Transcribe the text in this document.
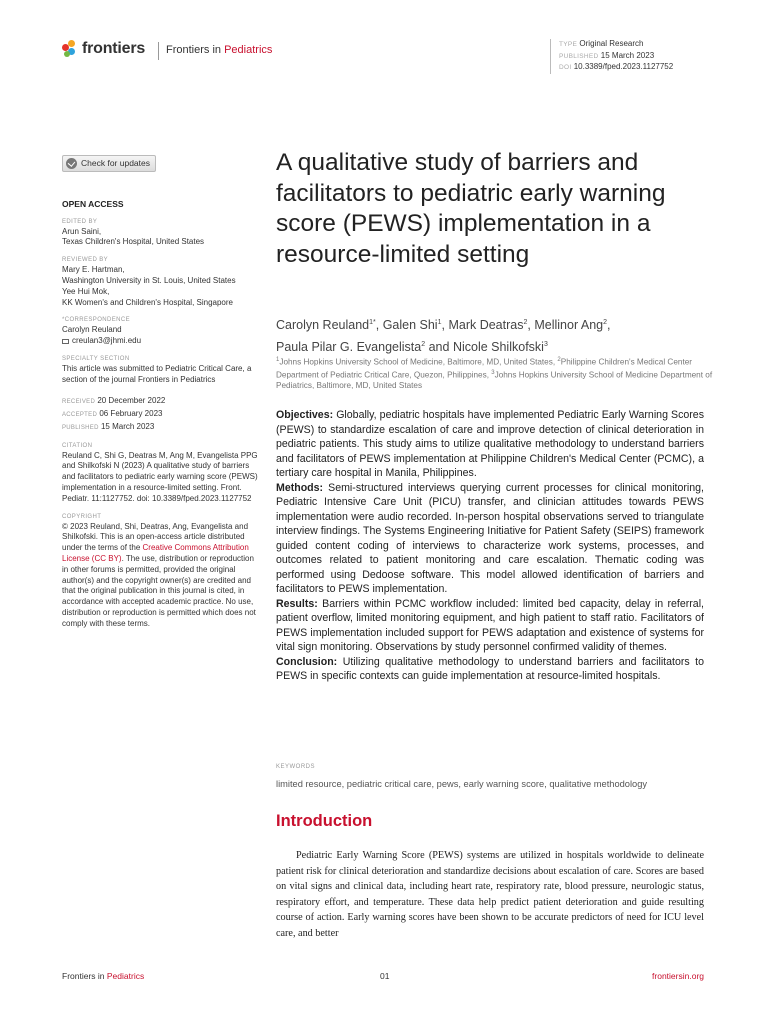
frontiers Frontiers in Pediatrics	TYPE Original Research
PUBLISHED 15 March 2023
DOI 10.3389/fped.2023.1127752
Check for updates
OPEN ACCESS
EDITED BY
Arun Saini,
Texas Children's Hospital, United States
REVIEWED BY
Mary E. Hartman,
Washington University in St. Louis, United States
Yee Hui Mok,
KK Women's and Children's Hospital, Singapore
*CORRESPONDENCE
Carolyn Reuland
creulan3@jhmi.edu
SPECIALTY SECTION
This article was submitted to Pediatric Critical Care, a section of the journal Frontiers in Pediatrics
RECEIVED 20 December 2022
ACCEPTED 06 February 2023
PUBLISHED 15 March 2023
CITATION
Reuland C, Shi G, Deatras M, Ang M, Evangelista PPG and Shilkofski N (2023) A qualitative study of barriers and facilitators to pediatric early warning score (PEWS) implementation in a resource-limited setting. Front. Pediatr. 11:1127752. doi: 10.3389/fped.2023.1127752
COPYRIGHT
© 2023 Reuland, Shi, Deatras, Ang, Evangelista and Shilkofski. This is an open-access article distributed under the terms of the Creative Commons Attribution License (CC BY). The use, distribution or reproduction in other forums is permitted, provided the original author(s) and the copyright owner(s) are credited and that the original publication in this journal is cited, in accordance with accepted academic practice. No use, distribution or reproduction is permitted which does not comply with these terms.
A qualitative study of barriers and facilitators to pediatric early warning score (PEWS) implementation in a resource-limited setting
Carolyn Reuland$^{1*}$, Galen Shi$^1$, Mark Deatras$^2$, Mellinor Ang$^2$,
Paula Pilar G. Evangelista$^2$ and Nicole Shilkofski$^3$
$^1$Johns Hopkins University School of Medicine, Baltimore, MD, United States, $^2$Philippine Children's Medical Center Department of Pediatric Critical Care, Quezon, Philippines, $^3$Johns Hopkins University School of Medicine Department of Pediatrics, Baltimore, MD, United States

Objectives: Globally, pediatric hospitals have implemented Pediatric Early Warning Scores (PEWS) to standardize escalation of care and improve detection of clinical deterioration in pediatric patients. This study aims to utilize qualitative methodology to understand barriers and facilitators of PEWS implementation at Philippine Children's Medical Center (PCMC), a tertiary care hospital in Manila, Philippines.

Methods: Semi-structured interviews querying current processes for clinical monitoring, Pediatric Intensive Care Unit (PICU) transfer, and clinician attitudes towards PEWS implementation were audio recorded. In-person hospital observations served to triangulate interview findings. The Systems Engineering Initiative for Patient Safety (SEIPS) framework guided content coding of interviews to characterize work systems, processes, and outcomes related to patient monitoring and care escalation. Thematic coding was performed using Dedoose software. This model allowed identification of barriers and facilitators to PEWS implementation.

Results: Barriers within PCMC workflow included: limited bed capacity, delay in referral, patient overflow, limited monitoring equipment, and high patient to staff ratio. Facilitators of PEWS implementation included support for PEWS adaptation and existence of systems for vital sign monitoring. Observations by study personnel confirmed validity of themes.

Conclusion: Utilizing qualitative methodology to understand barriers and facilitators to PEWS in specific contexts can guide implementation at resource-limited hospitals.

KEYWORDS
limited resource, pediatric critical care, pews, early warning score, qualitative methodology
Introduction

Pediatric Early Warning Score (PEWS) systems are utilized in hospitals worldwide to delineate patient risk for clinical deterioration and standardize decisions about escalation of care. Scores are based on vital signs and clinical data, including heart rate, respiratory rate, blood pressure, neurologic status, respiratory effort, and temperature. These data help predict patient deterioration and guide resulting course of action. Early warning scores have been shown to be accurate predictors of need for ICU level care, and better

Frontiers in Pediatrics	01	frontiersin.org
